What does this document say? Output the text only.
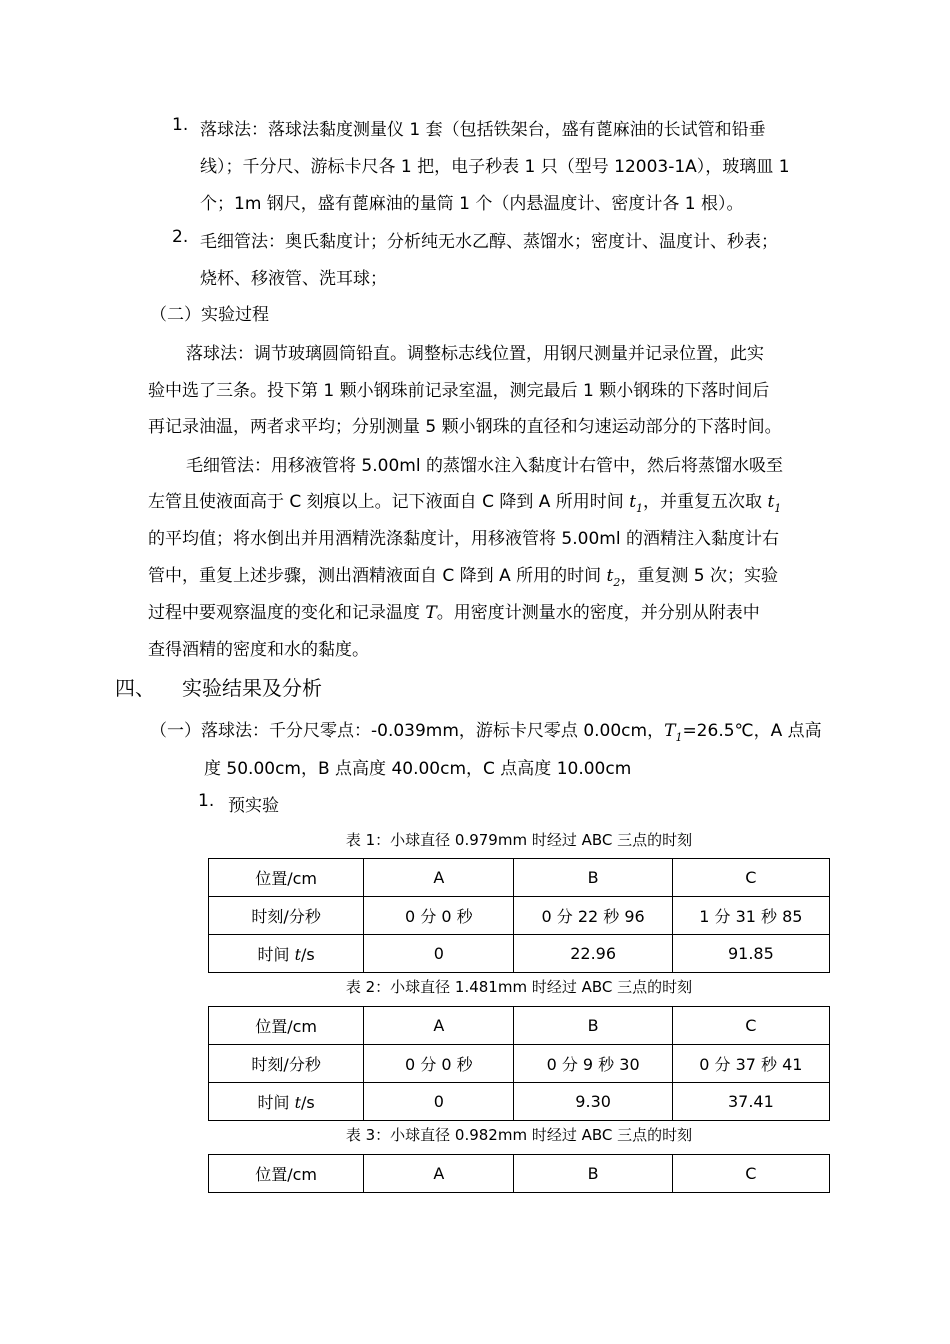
1. 落球法：落球法黏度测量仪 1 套（包括铁架台，盛有蓖麻油的长试管和铅垂
线）；千分尺、游标卡尺各 1 把，电子秒表 1 只（型号 12003-1A），玻璃皿 1
个；1m 钢尺，盛有蓖麻油的量筒 1 个（内悬温度计、密度计各 1 根）。
2. 毛细管法：奥氏黏度计；分析纯无水乙醇、蒸馏水；密度计、温度计、秒表；
烧杯、移液管、洗耳球；
（二）实验过程
落球法：调节玻璃圆筒铅直。调整标志线位置，用钢尺测量并记录位置，此实
验中选了三条。投下第 1 颗小钢珠前记录室温，测完最后 1 颗小钢珠的下落时间后
再记录油温，两者求平均；分别测量 5 颗小钢珠的直径和匀速运动部分的下落时间。
毛细管法：用移液管将 5.00ml 的蒸馏水注入黏度计右管中，然后将蒸馏水吸至
左管且使液面高于 C 刻痕以上。记下液面自 C 降到 A 所用时间 $t_1$，并重复五次取 $t_1$
的平均值；将水倒出并用酒精洗涤黏度计，用移液管将 5.00ml 的酒精注入黏度计右
管中，重复上述步骤，测出酒精液面自 C 降到 A 所用的时间 $t_2$，重复测 5 次；实验
过程中要观察温度的变化和记录温度 T。用密度计测量水的密度，并分别从附表中
查得酒精的密度和水的黏度。
四、 实验结果及分析
（一）落球法：千分尺零点：-0.039mm，游标卡尺零点 0.00cm，$T_1=26.5℃$，A 点高
度 50.00cm，B 点高度 40.00cm，C 点高度 10.00cm
1. 预实验
表 1：小球直径 0.979mm 时经过 ABC 三点的时刻
位置/cm	A	B	C
时刻/分秒	0 分 0 秒	0 分 22 秒 96	1 分 31 秒 85
时间 t/s	0	22.96	91.85
表 2：小球直径 1.481mm 时经过 ABC 三点的时刻
位置/cm	A	B	C
时刻/分秒	0 分 0 秒	0 分 9 秒 30	0 分 37 秒 41
时间 t/s	0	9.30	37.41
表 3：小球直径 0.982mm 时经过 ABC 三点的时刻
位置/cm	A	B	C
